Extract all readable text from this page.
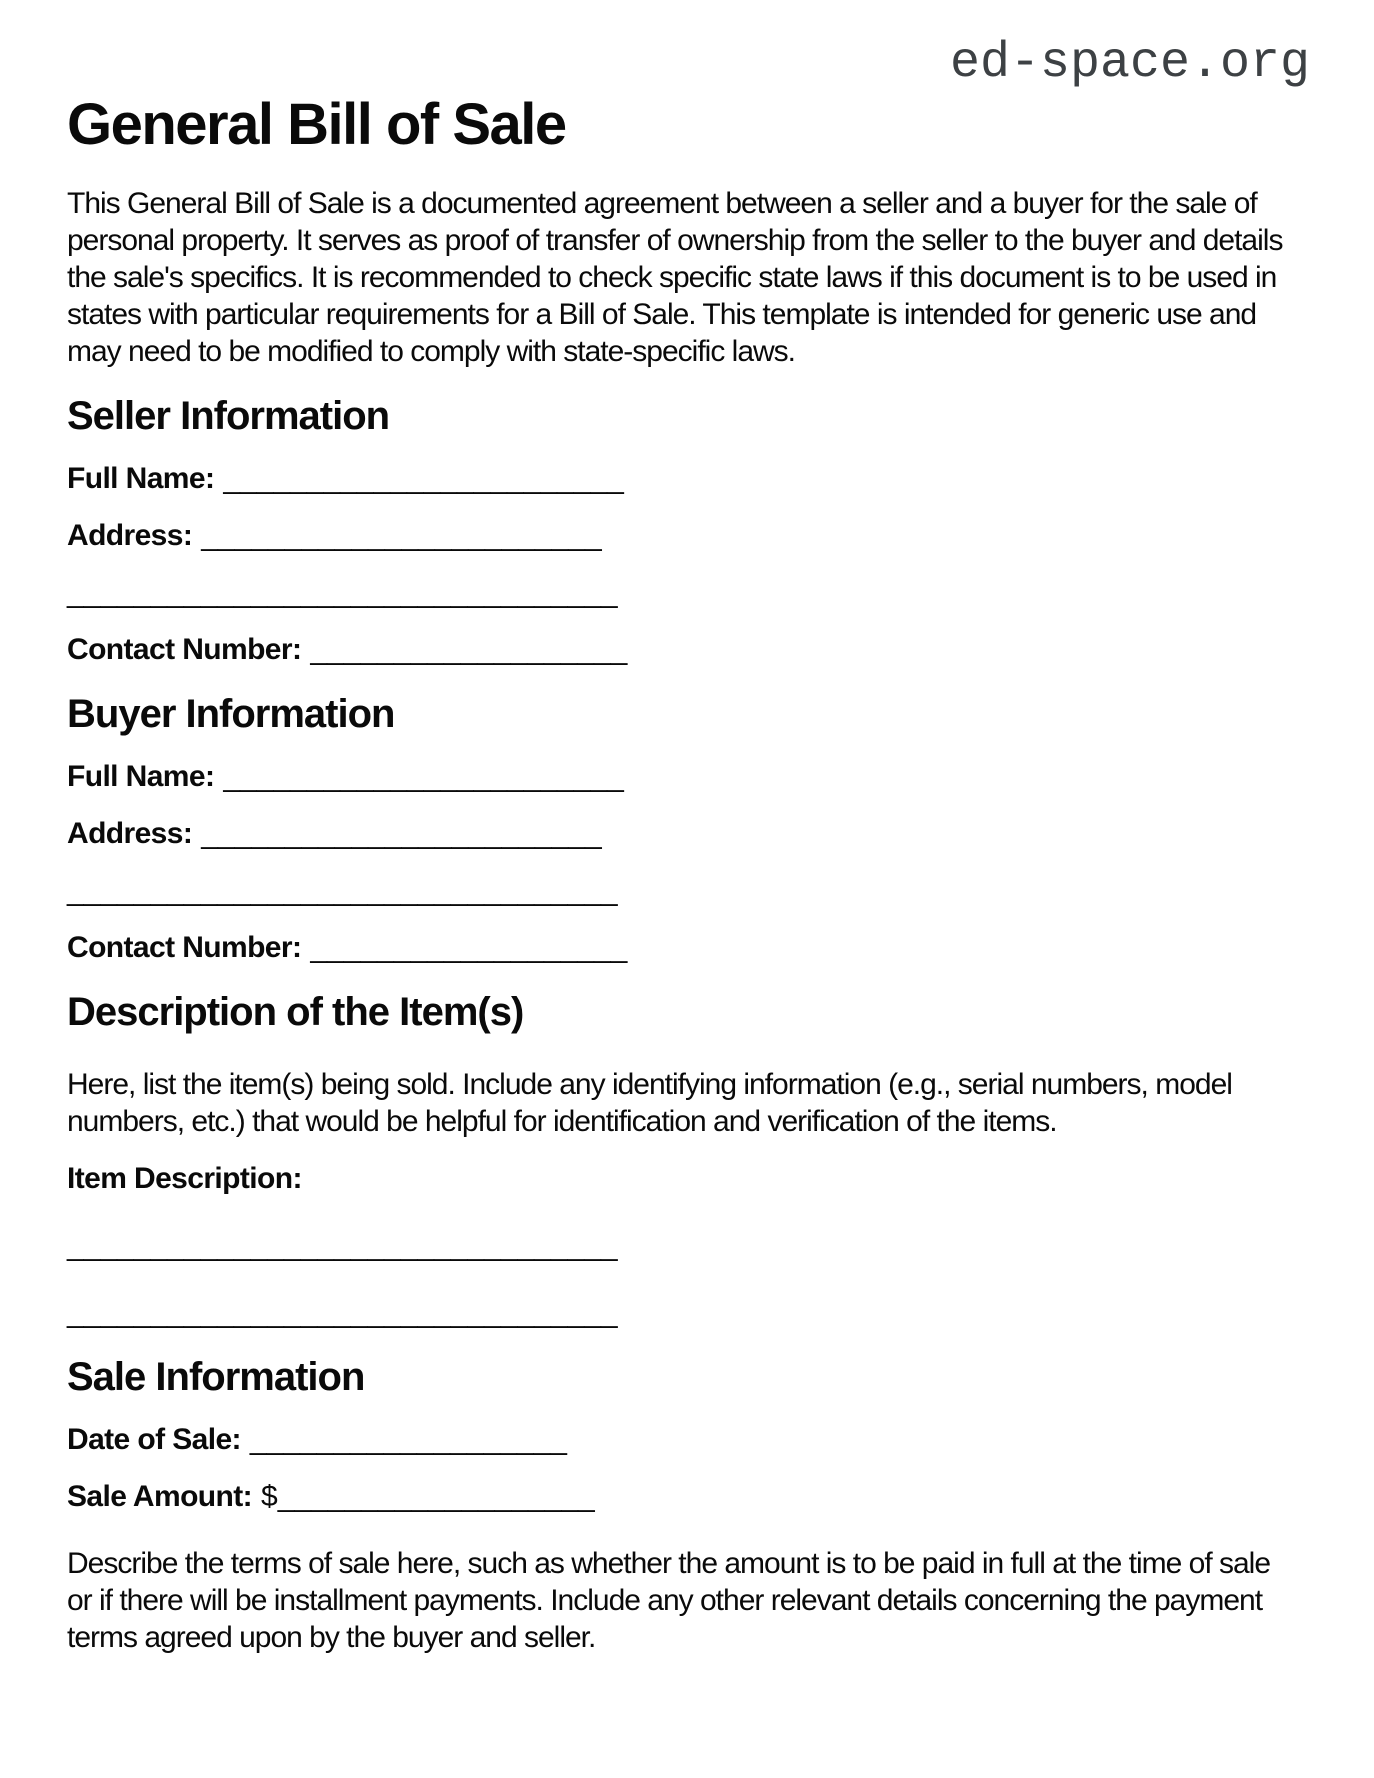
ed-space.org
General Bill of Sale

This General Bill of Sale is a documented agreement between a seller and a buyer for the sale of personal property. It serves as proof of transfer of ownership from the seller to the buyer and details the sale's specifics. It is recommended to check specific state laws if this document is to be used in states with particular requirements for a Bill of Sale. This template is intended for generic use and may need to be modified to comply with state-specific laws.

Seller Information
Full Name: ________________________
Address: ________________________
_________________________________
Contact Number: ___________________
Buyer Information
Full Name: ________________________
Address: ________________________
_________________________________
Contact Number: ___________________
Description of the Item(s)

Here, list the item(s) being sold. Include any identifying information (e.g., serial numbers, model numbers, etc.) that would be helpful for identification and verification of the items.

Item Description:
_________________________________
_________________________________
Sale Information
Date of Sale: ___________________
Sale Amount: $___________________

Describe the terms of sale here, such as whether the amount is to be paid in full at the time of sale or if there will be installment payments. Include any other relevant details concerning the payment terms agreed upon by the buyer and seller.
